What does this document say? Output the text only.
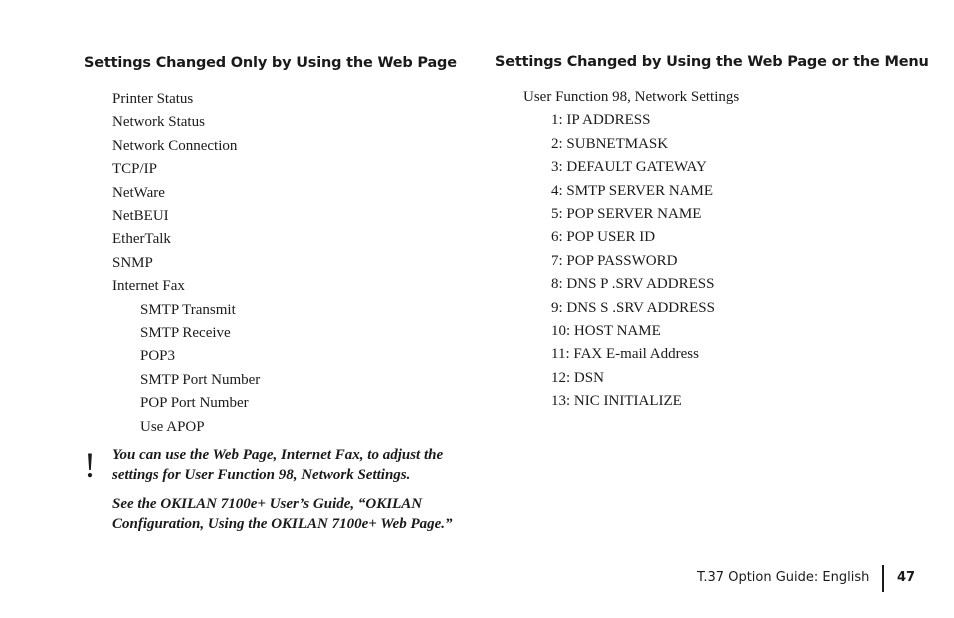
Settings Changed Only by Using the Web Page
Printer Status
Network Status
Network Connection
TCP/IP
NetWare
NetBEUI
EtherTalk
SNMP
Internet Fax
SMTP Transmit
SMTP Receive
POP3
SMTP Port Number
POP Port Number
Use APOP
Settings Changed by Using the Web Page or the Menu
User Function 98, Network Settings
1: IP ADDRESS
2: SUBNETMASK
3: DEFAULT GATEWAY
4: SMTP SERVER NAME
5: POP SERVER NAME
6: POP USER ID
7: POP PASSWORD
8: DNS P .SRV ADDRESS
9: DNS S .SRV ADDRESS
10: HOST NAME
11: FAX E-mail Address
12: DSN
13: NIC INITIALIZE
! You can use the Web Page, Internet Fax, to adjust the settings for User Function 98, Network Settings.

See the OKILAN 7100e+ User’s Guide, “OKILAN Configuration, Using the OKILAN 7100e+ Web Page.”

T.37 Option Guide: English 47
